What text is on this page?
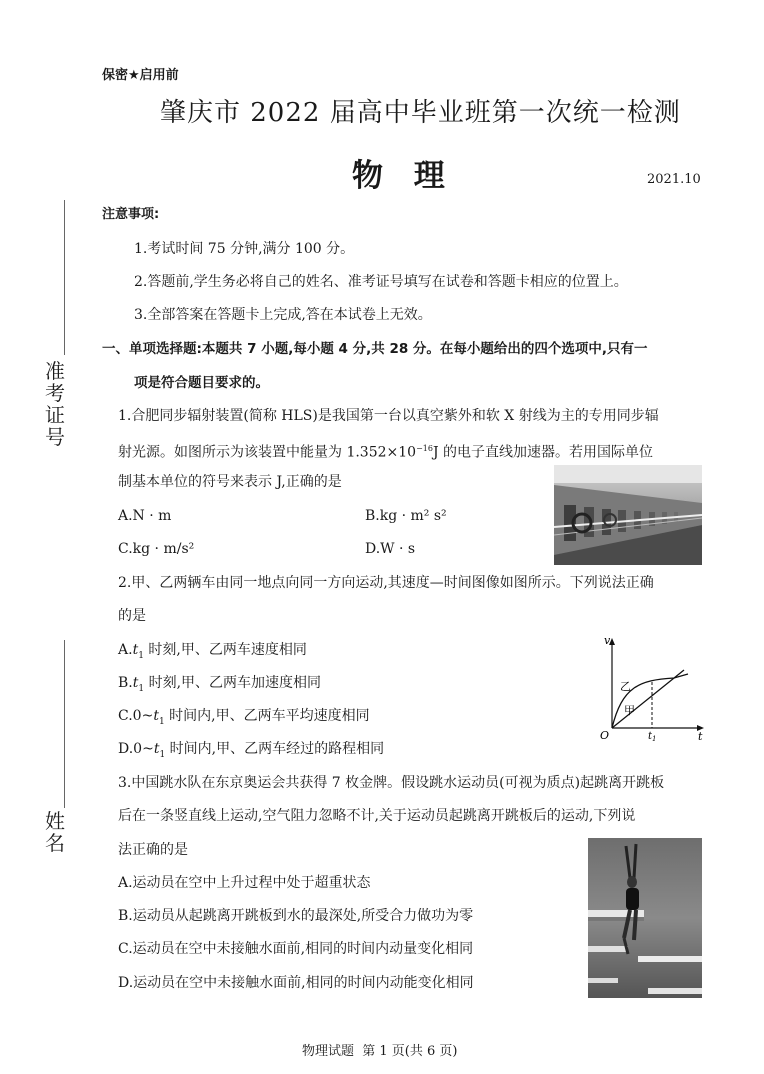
保密★启用前
肇庆市 2022 届高中毕业班第一次统一检测
物 理	2021.10
准考证号
姓名
注意事项:
1.考试时间 75 分钟,满分 100 分。
2.答题前,学生务必将自己的姓名、准考证号填写在试卷和答题卡相应的位置上。
3.全部答案在答题卡上完成,答在本试卷上无效。
一、单项选择题:本题共 7 小题,每小题 4 分,共 28 分。在每小题给出的四个选项中,只有一
项是符合题目要求的。
1.合肥同步辐射装置(简称 HLS)是我国第一台以真空紫外和软 X 射线为主的专用同步辐
射光源。如图所示为该装置中能量为 $1.352\times 10^{-16}J$ 的电子直线加速器。若用国际单位
制基本单位的符号来表示 J,正确的是
A.N · m	B.kg · m² s²
C.kg · m/s²	D.W · s
2.甲、乙两辆车由同一地点向同一方向运动,其速度—时间图像如图所示。下列说法正确
的是
$A.t_1$ 时刻,甲、乙两车速度相同
$B.t_1$ 时刻,甲、乙两车加速度相同
$C.0\sim t_1$ 时间内,甲、乙两车平均速度相同
$D.0\sim t_1$ 时间内,甲、乙两车经过的路程相同
v
t
O	$t_1$
乙
甲
3.中国跳水队在东京奥运会共获得 7 枚金牌。假设跳水运动员(可视为质点)起跳离开跳板
后在一条竖直线上运动,空气阻力忽略不计,关于运动员起跳离开跳板后的运动,下列说
法正确的是
A.运动员在空中上升过程中处于超重状态
B.运动员从起跳离开跳板到水的最深处,所受合力做功为零
C.运动员在空中未接触水面前,相同的时间内动量变化相同
D.运动员在空中未接触水面前,相同的时间内动能变化相同
物理试题  第 1 页(共 6 页)
